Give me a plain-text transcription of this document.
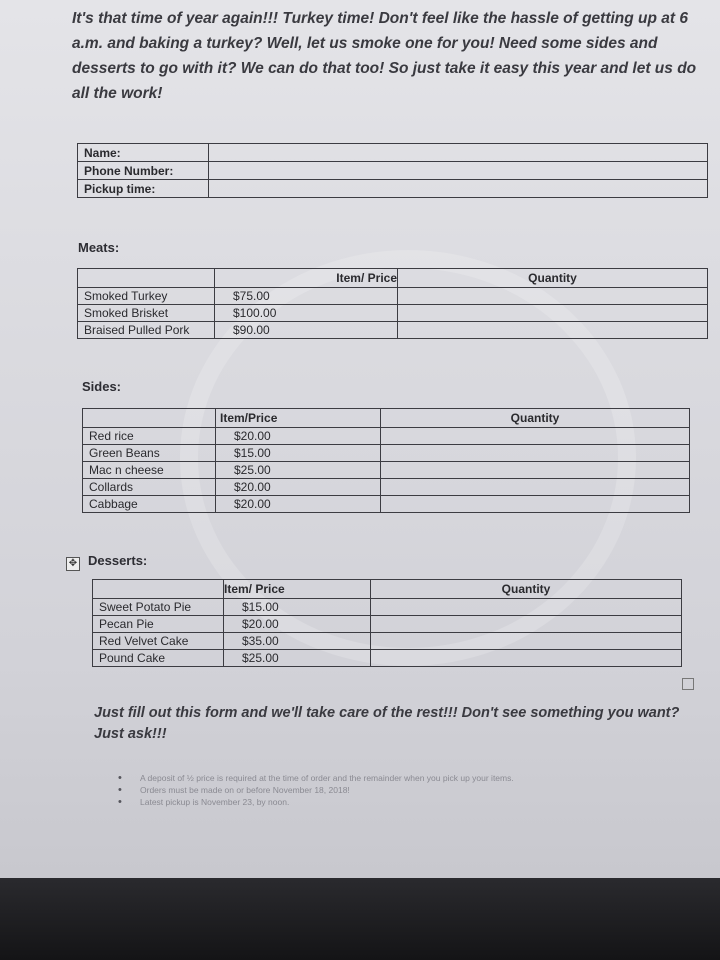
It's that time of year again!!! Turkey time! Don't feel like the hassle of getting up at 6 a.m. and baking a turkey? Well, let us smoke one for you! Need some sides and desserts to go with it? We can do that too! So just take it easy this year and let us do all the work!
Name:	
Phone Number:	
Pickup time:	
Meats:
	Item/ Price	Quantity
Smoked Turkey	$75.00	
Smoked Brisket	$100.00	
Braised Pulled Pork	$90.00	
Sides:
	Item/Price	Quantity
Red rice	$20.00	
Green Beans	$15.00	
Mac n cheese	$25.00	
Collards	$20.00	
Cabbage	$20.00	
✥ Desserts:
	Item/ Price	Quantity
Sweet Potato Pie	$15.00	
Pecan Pie	$20.00	
Red Velvet Cake	$35.00	
Pound Cake	$25.00	
Just fill out this form and we'll take care of the rest!!! Don't see something you want? Just ask!!!
• A deposit of ½ price is required at the time of order and the remainder when you pick up your items.
• Orders must be made on or before November 18, 2018!
• Latest pickup is November 23, by noon.
